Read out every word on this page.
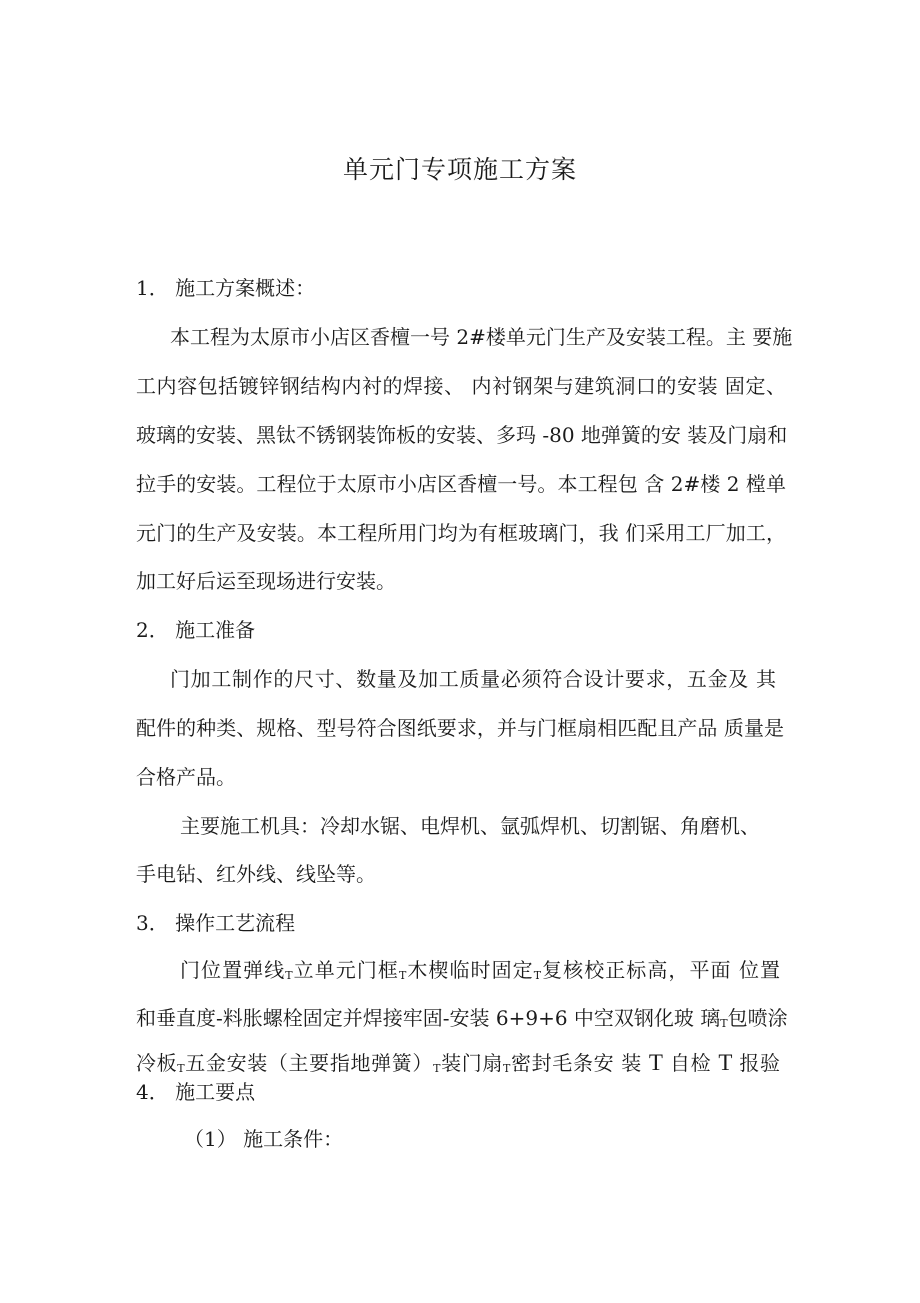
单元门专项施工方案
1． 施工方案概述：
本工程为太原市小店区香檀一号 2#楼单元门生产及安装工程。主 要施
工内容包括镀锌钢结构内衬的焊接、 内衬钢架与建筑洞口的安装 固定、
玻璃的安装、黑钛不锈钢装饰板的安装、多玛 -80 地弹簧的安 装及门扇和
拉手的安装。工程位于太原市小店区香檀一号。本工程包 含 2#楼 2 樘单
元门的生产及安装。本工程所用门均为有框玻璃门，我 们采用工厂加工，
加工好后运至现场进行安装。
2． 施工准备
门加工制作的尺寸、数量及加工质量必须符合设计要求，五金及 其
配件的种类、规格、型号符合图纸要求，并与门框扇相匹配且产品 质量是
合格产品。
主要施工机具：冷却水锯、电焊机、氩弧焊机、切割锯、角磨机、
手电钻、红外线、线坠等。
3． 操作工艺流程
门位置弹线T立单元门框T木楔临时固定T复核校正标高，平面 位置
和垂直度-料胀螺栓固定并焊接牢固-安装 6+9+6 中空双钢化玻 璃T包喷涂
冷板T五金安装（主要指地弹簧）T装门扇T密封毛条安 装 T 自检 T 报验
4． 施工要点
（1） 施工条件：
